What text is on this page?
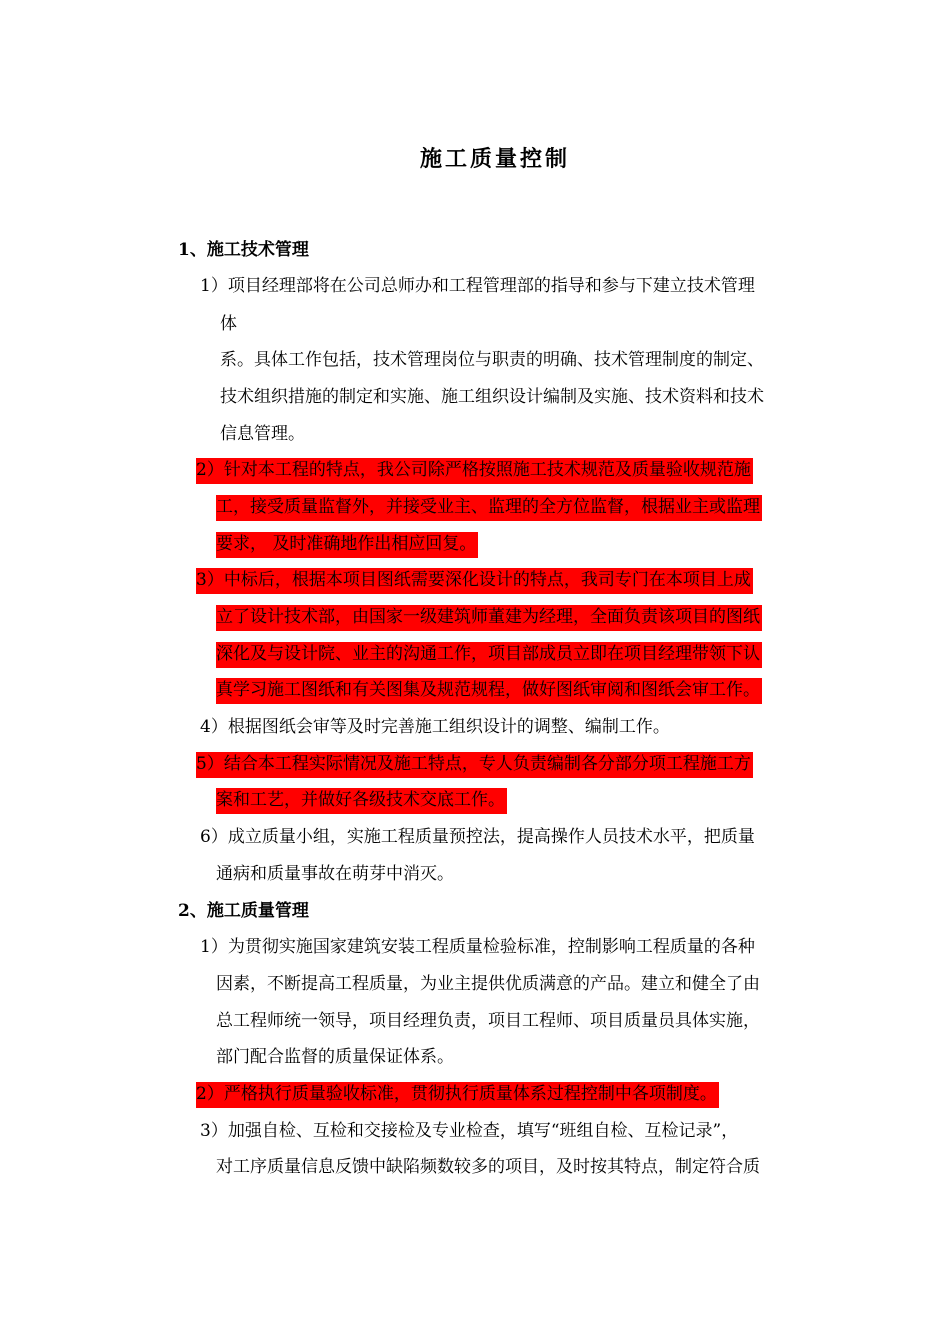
施工质量控制
1、施工技术管理
1）项目经理部将在公司总师办和工程管理部的指导和参与下建立技术管理
体
系。具体工作包括，技术管理岗位与职责的明确、技术管理制度的制定、
技术组织措施的制定和实施、施工组织设计编制及实施、技术资料和技术
信息管理。
2）针对本工程的特点，我公司除严格按照施工技术规范及质量验收规范施
工，接受质量监督外，并接受业主、监理的全方位监督，根据业主或监理
要求， 及时准确地作出相应回复。
3）中标后，根据本项目图纸需要深化设计的特点，我司专门在本项目上成
立了设计技术部，由国家一级建筑师董建为经理，全面负责该项目的图纸
深化及与设计院、业主的沟通工作，项目部成员立即在项目经理带领下认
真学习施工图纸和有关图集及规范规程，做好图纸审阅和图纸会审工作。
4）根据图纸会审等及时完善施工组织设计的调整、编制工作。
5）结合本工程实际情况及施工特点，专人负责编制各分部分项工程施工方
案和工艺，并做好各级技术交底工作。
6）成立质量小组，实施工程质量预控法，提高操作人员技术水平，把质量
通病和质量事故在萌芽中消灭。
2、施工质量管理
1）为贯彻实施国家建筑安装工程质量检验标准，控制影响工程质量的各种
因素，不断提高工程质量，为业主提供优质满意的产品。建立和健全了由
总工程师统一领导，项目经理负责，项目工程师、项目质量员具体实施，
部门配合监督的质量保证体系。
2）严格执行质量验收标准，贯彻执行质量体系过程控制中各项制度。
3）加强自检、互检和交接检及专业检查，填写“班组自检、互检记录”，
对工序质量信息反馈中缺陷频数较多的项目，及时按其特点，制定符合质
